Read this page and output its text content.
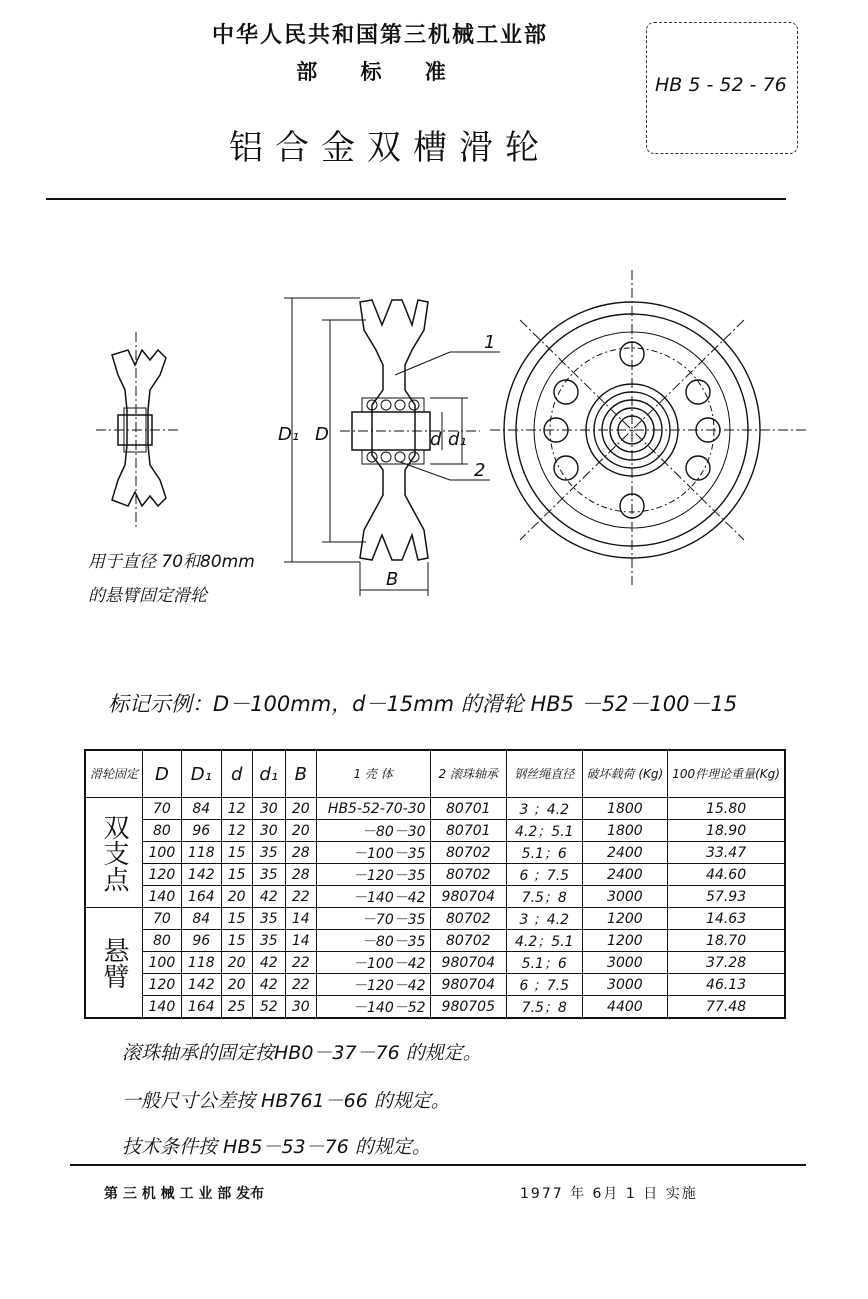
中华人民共和国第三机械工业部
部 标 准
铝合金双槽滑轮
HB 5 - 52 - 76
D₁ D	d d₁
B
1
2
用于直径 70和80mm
的悬臂固定滑轮
标记示例：D－100mm，d－15mm 的滑轮 HB5 －52－100－15
滑轮固定	D	D₁	d	d₁	B	1 壳 体	2 滚珠轴承	钢丝绳直径	破坏载荷 (Kg)	100件理论重量(Kg)
双支点	70	84	12	30	20	HB5-52-70-30	80701	3 ；4.2	1800	15.80
	80	96	12	30	20	－80－30	80701	4.2；5.1	1800	18.90
	100	118	15	35	28	－100－35	80702	5.1；6	2400	33.47
	120	142	15	35	28	－120－35	80702	6 ；7.5	2400	44.60
	140	164	20	42	22	－140－42	980704	7.5；8	3000	57.93
悬臂	70	84	15	35	14	－70－35	80702	3 ；4.2	1200	14.63
	80	96	15	35	14	－80－35	80702	4.2；5.1	1200	18.70
	100	118	20	42	22	－100－42	980704	5.1；6	3000	37.28
	120	142	20	42	22	－120－42	980704	6 ；7.5	3000	46.13
	140	164	25	52	30	－140－52	980705	7.5；8	4400	77.48
滚珠轴承的固定按HB0－37－76 的规定。
一般尺寸公差按 HB761－66 的规定。
技术条件按 HB5－53－76 的规定。
第 三 机 械 工 业 部 发布	1977 年 6月 1 日 实施
